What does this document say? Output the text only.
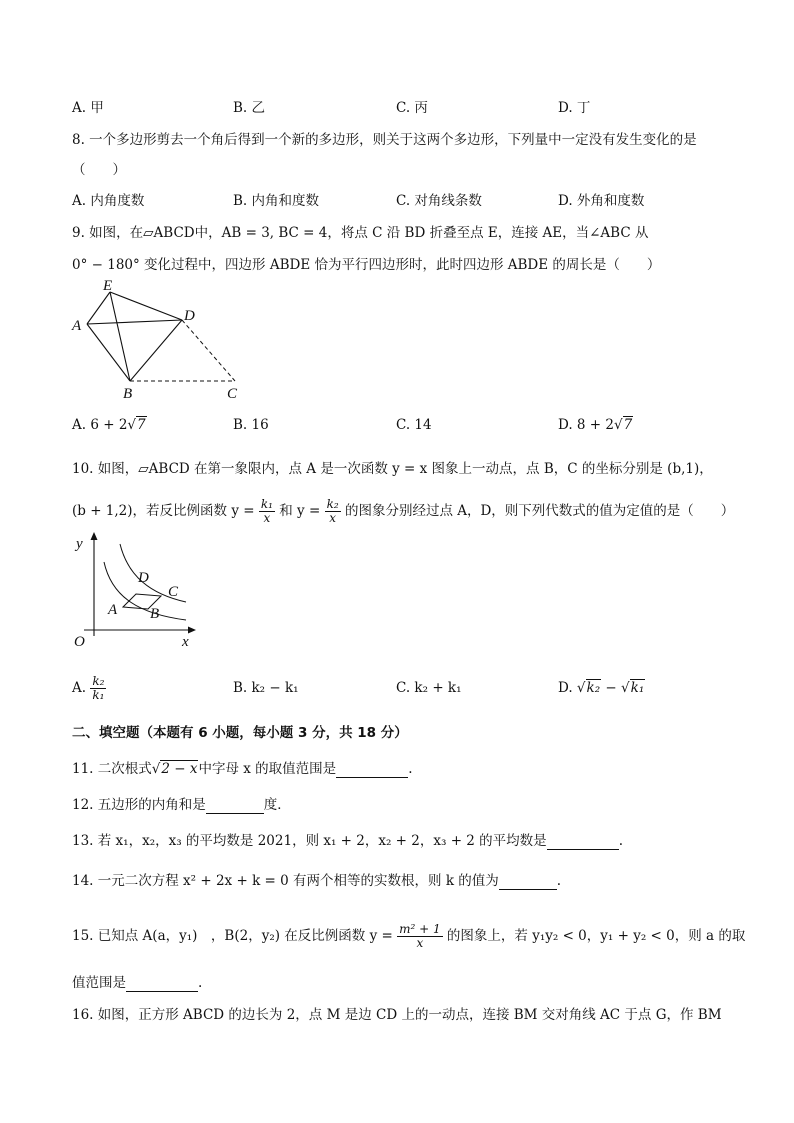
A. 甲	B. 乙	C. 丙	D. 丁
8. 一个多边形剪去一个角后得到一个新的多边形，则关于这两个多边形，下列量中一定没有发生变化的是
（　　）
A. 内角度数	B. 内角和度数	C. 对角线条数	D. 外角和度数
9. 如图，在▱ABCD中，AB = 3, BC = 4，将点 C 沿 BD 折叠至点 E，连接 AE，当∠ABC 从
0° − 180° 变化过程中，四边形 ABDE 恰为平行四边形时，此时四边形 ABDE 的周长是（　　）
E
A
D
B	C
A. 6 + 2√7	B. 16	C. 14	D. 8 + 2√7
10. 如图，▱ABCD 在第一象限内，点 A 是一次函数 y = x 图象上一动点，点 B，C 的坐标分别是 (b,1)，
(b + 1,2)，若反比例函数 $y = \frac{\text{k₁}}{x}$ 和 $y = \frac{\text{k₂}}{x}$ 的图象分别经过点 A，D，则下列代数式的值为定值的是（　　）
y
x
O
A B
C
D
A. $\frac{\text{k₂}}{\text{k₁}}$	B. k₂ − k₁	C. k₂ + k₁	D. √k₂ − √k₁
二、填空题（本题有 6 小题，每小题 3 分，共 18 分）
11. 二次根式√2 − x中字母 x 的取值范围是	.
12. 五边形的内角和是	度．
13. 若 x₁，x₂，x₃ 的平均数是 2021，则 x₁ + 2，x₂ + 2，x₃ + 2 的平均数是	.
14. 一元二次方程 x² + 2x + k = 0 有两个相等的实数根，则 k 的值为	.
15. 已知点 A(a，y₁)　，B(2，y₂) 在反比例函数 $y = \frac{\text{m² + 1}}{x}$ 的图象上，若 y₁y₂ < 0，y₁ + y₂ < 0，则 a 的取
值范围是	.
16. 如图，正方形 ABCD 的边长为 2，点 M 是边 CD 上的一动点，连接 BM 交对角线 AC 于点 G，作 BM
